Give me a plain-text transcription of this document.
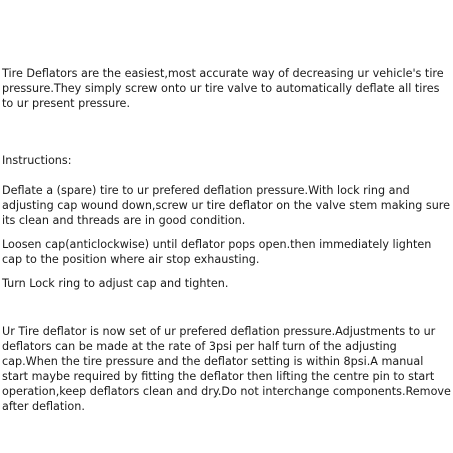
Tire Deflators are the easiest,most accurate way of decreasing ur vehicle's tire pressure.They simply screw onto ur tire valve to automatically deflate all tires to ur present pressure.

Instructions:

Deflate a (spare) tire to ur prefered deflation pressure.With lock ring and adjusting cap wound down,screw ur tire deflator on the valve stem making sure its clean and threads are in good condition.

Loosen cap(anticlockwise) until deflator pops open.then immediately lighten cap to the position where air stop exhausting.

Turn Lock ring to adjust cap and tighten.

Ur Tire deflator is now set of ur prefered deflation pressure.Adjustments to ur deflators can be made at the rate of 3psi per half turn of the adjusting cap.When the tire pressure and the deflator setting is within 8psi.A manual start maybe required by fitting the deflator then lifting the centre pin to start operation,keep deflators clean and dry.Do not interchange components.Remove after deflation.
